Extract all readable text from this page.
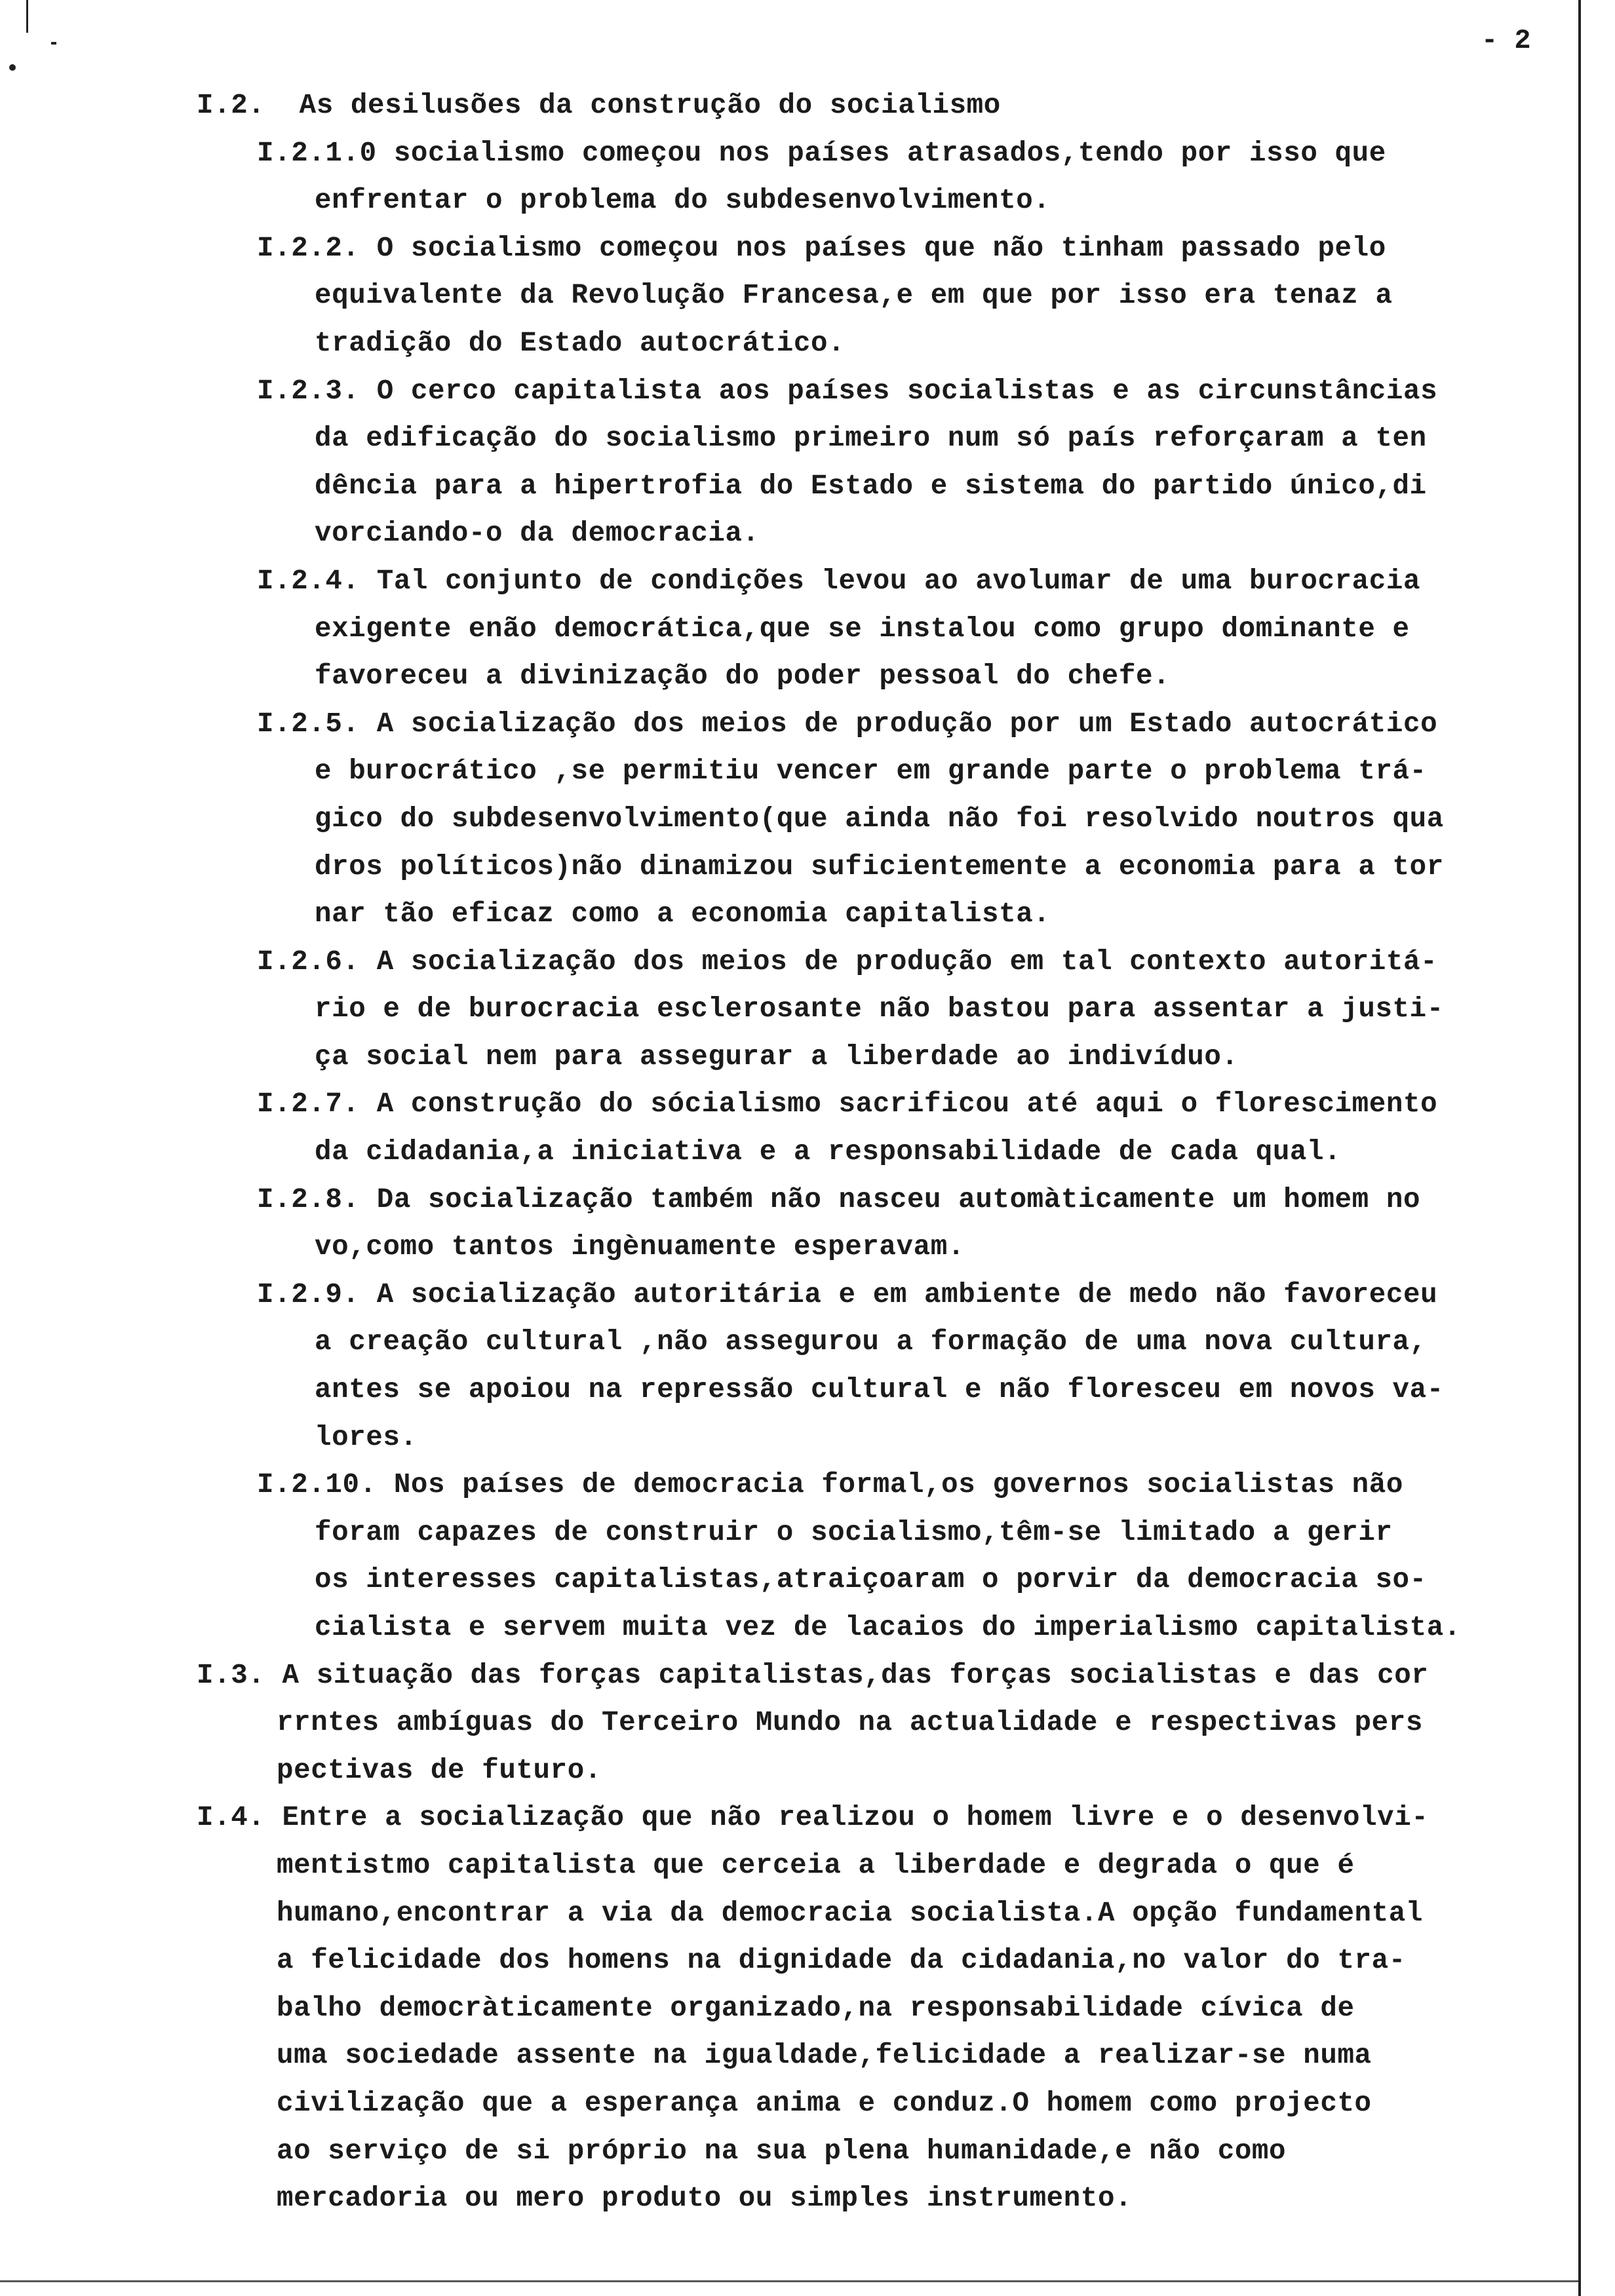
- 2
I.2.  As desilusões da construção do socialismo
I.2.1.0 socialismo começou nos países atrasados,tendo por isso que
enfrentar o problema do subdesenvolvimento.
I.2.2. O socialismo começou nos países que não tinham passado pelo
equivalente da Revolução Francesa,e em que por isso era tenaz a
tradição do Estado autocrático.
I.2.3. O cerco capitalista aos países socialistas e as circunstâncias
da edificação do socialismo primeiro num só país reforçaram a ten
dência para a hipertrofia do Estado e sistema do partido único,di
vorciando-o da democracia.
I.2.4. Tal conjunto de condições levou ao avolumar de uma burocracia
exigente enão democrática,que se instalou como grupo dominante e
favoreceu a divinização do poder pessoal do chefe.
I.2.5. A socialização dos meios de produção por um Estado autocrático
e burocrático ,se permitiu vencer em grande parte o problema trá-
gico do subdesenvolvimento(que ainda não foi resolvido noutros qua
dros políticos)não dinamizou suficientemente a economia para a tor
nar tão eficaz como a economia capitalista.
I.2.6. A socialização dos meios de produção em tal contexto autoritá-
rio e de burocracia esclerosante não bastou para assentar a justi-
ça social nem para assegurar a liberdade ao indivíduo.
I.2.7. A construção do sócialismo sacrificou até aqui o florescimento
da cidadania,a iniciativa e a responsabilidade de cada qual.
I.2.8. Da socialização também não nasceu automàticamente um homem no
vo,como tantos ingènuamente esperavam.
I.2.9. A socialização autoritária e em ambiente de medo não favoreceu
a creação cultural ,não assegurou a formação de uma nova cultura,
antes se apoiou na repressão cultural e não floresceu em novos va-
lores.
I.2.10. Nos países de democracia formal,os governos socialistas não
foram capazes de construir o socialismo,têm-se limitado a gerir
os interesses capitalistas,atraiçoaram o porvir da democracia so-
cialista e servem muita vez de lacaios do imperialismo capitalista.
I.3. A situação das forças capitalistas,das forças socialistas e das cor
rrntes ambíguas do Terceiro Mundo na actualidade e respectivas pers
pectivas de futuro.
I.4. Entre a socialização que não realizou o homem livre e o desenvolvi-
mentistmo capitalista que cerceia a liberdade e degrada o que é
humano,encontrar a via da democracia socialista.A opção fundamental
a felicidade dos homens na dignidade da cidadania,no valor do tra-
balho democràticamente organizado,na responsabilidade cívica de
uma sociedade assente na igualdade,felicidade a realizar-se numa
civilização que a esperança anima e conduz.O homem como projecto
ao serviço de si próprio na sua plena humanidade,e não como
mercadoria ou mero produto ou simples instrumento.
